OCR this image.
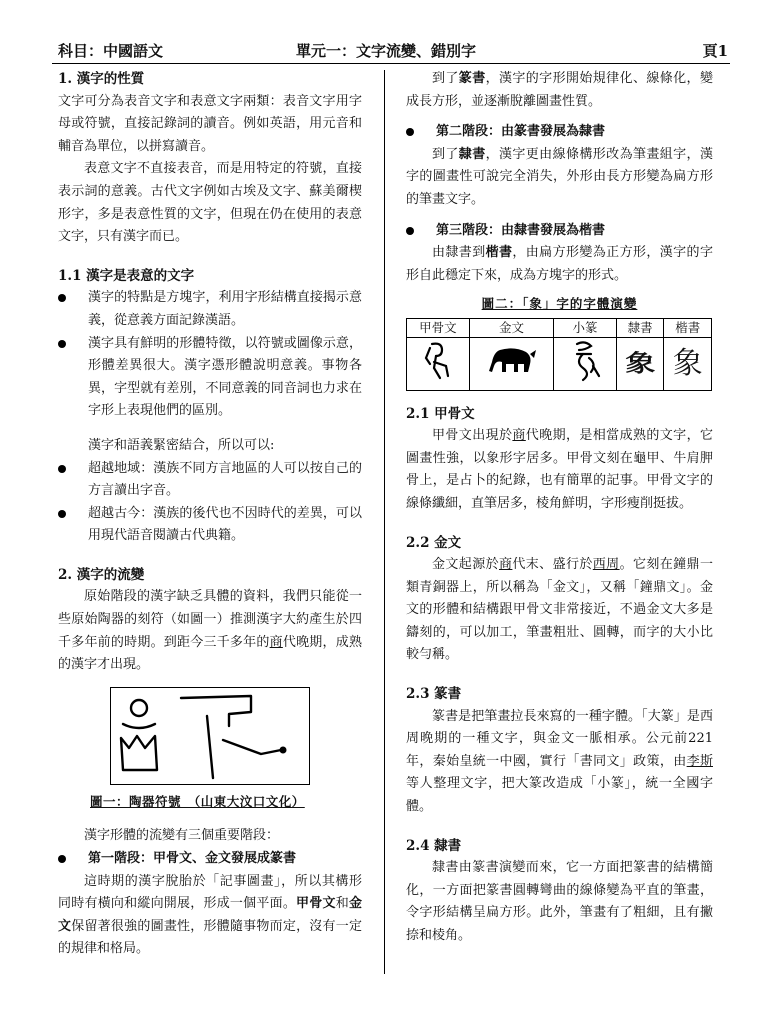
科目：中國語文	單元一：文字流變、錯別字	頁1

1. 漢字的性質

文字可分為表音文字和表意文字兩類：表音文字用字母或符號，直接記錄詞的讀音。例如英語，用元音和輔音為單位，以拼寫讀音。

表意文字不直接表音，而是用特定的符號，直接表示詞的意義。古代文字例如古埃及文字、蘇美爾楔形字，多是表意性質的文字，但現在仍在使用的表意文字，只有漢字而已。

1.1 漢字是表意的文字

漢字的特點是方塊字，利用字形結構直接揭示意義，從意義方面記錄漢語。

漢字具有鮮明的形體特徵，以符號或圖像示意，形體差異很大。漢字憑形體說明意義。事物各異，字型就有差別，不同意義的同音詞也力求在字形上表現他們的區別。

漢字和語義緊密結合，所以可以:

超越地域：漢族不同方言地區的人可以按自己的方言讀出字音。

超越古今：漢族的後代也不因時代的差異，可以用現代語音閱讀古代典籍。

2. 漢字的流變

原始階段的漢字缺乏具體的資料，我們只能從一些原始陶器的刻符（如圖一）推測漢字大約產生於四千多年前的時期。到距今三千多年的商代晚期，成熟的漢字才出現。

圖一：陶器符號　（山東大汶口文化）

漢字形體的流變有三個重要階段：

第一階段：甲骨文、金文發展成篆書

這時期的漢字脫胎於「記事圖畫」，所以其構形同時有橫向和縱向開展，形成一個平面。甲骨文和金文保留著很強的圖畫性，形體隨事物而定，沒有一定的規律和格局。

到了篆書，漢字的字形開始規律化、線條化，變成長方形，並逐漸脫離圖畫性質。

第二階段：由篆書發展為隸書

到了隸書，漢字更由線條構形改為筆畫組字，漢字的圖畫性可說完全消失，外形由長方形變為扁方形的筆畫文字。

第三階段：由隸書發展為楷書

由隸書到楷書，由扁方形變為正方形，漢字的字形自此穩定下來，成為方塊字的形式。

圖二：「象」字的字體演變

甲骨文	金文	小篆	隸書	楷書
			象	象

2.1 甲骨文

甲骨文出現於商代晚期，是相當成熟的文字，它圖畫性強，以象形字居多。甲骨文刻在龜甲、牛肩胛骨上，是占卜的紀錄，也有簡單的記事。甲骨文字的線條纖細，直筆居多，棱角鮮明，字形瘦削挺拔。

2.2 金文

金文起源於商代末、盛行於西周。它刻在鐘鼎一類青銅器上，所以稱為「金文」，又稱「鐘鼎文」。金文的形體和結構跟甲骨文非常接近，不過金文大多是鑄刻的，可以加工，筆畫粗壯、圓轉，而字的大小比較勻稱。

2.3 篆書

篆書是把筆畫拉長來寫的一種字體。「大篆」是西周晚期的一種文字，與金文一脈相承。公元前221年，秦始皇統一中國，實行「書同文」政策，由李斯等人整理文字，把大篆改造成「小篆」，統一全國字體。

2.4 隸書

隸書由篆書演變而來，它一方面把篆書的結構簡化，一方面把篆書圓轉彎曲的線條變為平直的筆畫，令字形結構呈扁方形。此外，筆畫有了粗細，且有撇捺和棱角。
